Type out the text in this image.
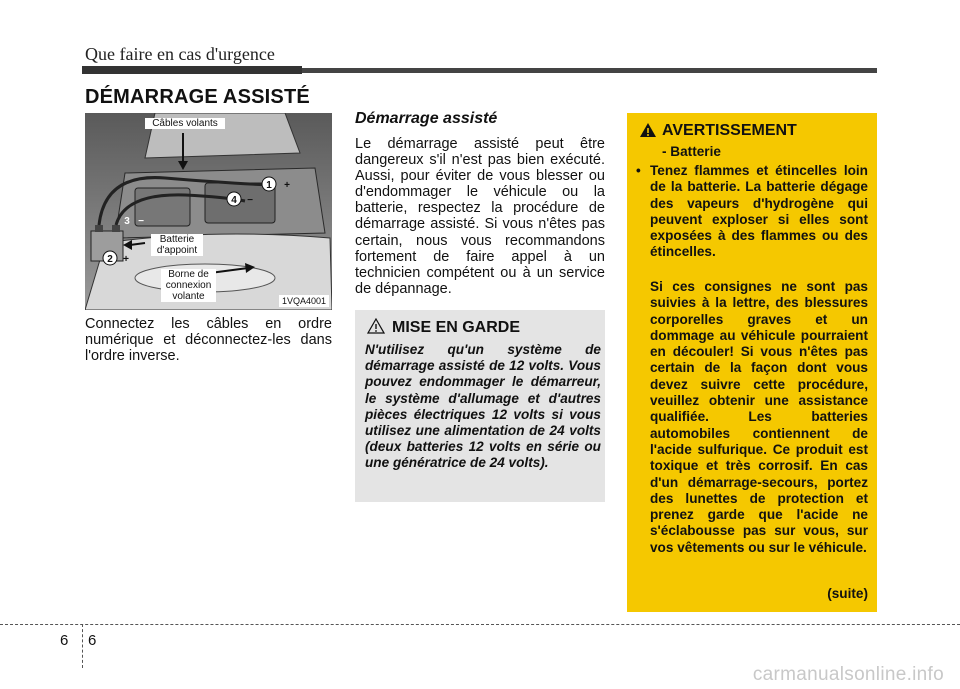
Que faire en cas d'urgence
DÉMARRAGE ASSISTÉ
1	+
4	−
2	+
3 −
Câbles volants
Batterie
d'appoint
Borne de
connexion
volante	1VQA4001
Connectez les câbles en ordre numérique et déconnectez-les dans l'ordre inverse.
Démarrage assisté
Le démarrage assisté peut être dangereux s'il n'est pas bien exécuté. Aussi, pour éviter de vous blesser ou d'endommager le véhicule ou la batterie, respectez la procédure de démarrage assisté. Si vous n'êtes pas certain, nous vous recommandons fortement de faire appel à un technicien compétent ou à un service de dépannage.
MISE EN GARDE
N'utilisez qu'un système de démarrage assisté de 12 volts. Vous pouvez endommager le démarreur, le système d'allumage et d'autres pièces électriques 12 volts si vous utilisez une alimentation de 24 volts (deux batteries 12 volts en série ou une génératrice de 24 volts).
AVERTISSEMENT
- Batterie
• Tenez flammes et étincelles loin de la batterie. La batterie dégage des vapeurs d'hydrogène qui peuvent exploser si elles sont exposées à des flammes ou des étincelles.
Si ces consignes ne sont pas suivies à la lettre, des blessures corporelles graves et un dommage au véhicule pourraient en découler! Si vous n'êtes pas certain de la façon dont vous devez suivre cette procédure, veuillez obtenir une assistance qualifiée. Les batteries automobiles contiennent de l'acide sulfurique. Ce produit est toxique et très corrosif. En cas d'un démarrage-secours, portez des lunettes de protection et prenez garde que l'acide ne s'éclabousse pas sur vous, sur vos vêtements ou sur le véhicule.
(suite)
6 6
carmanualsonline.info
